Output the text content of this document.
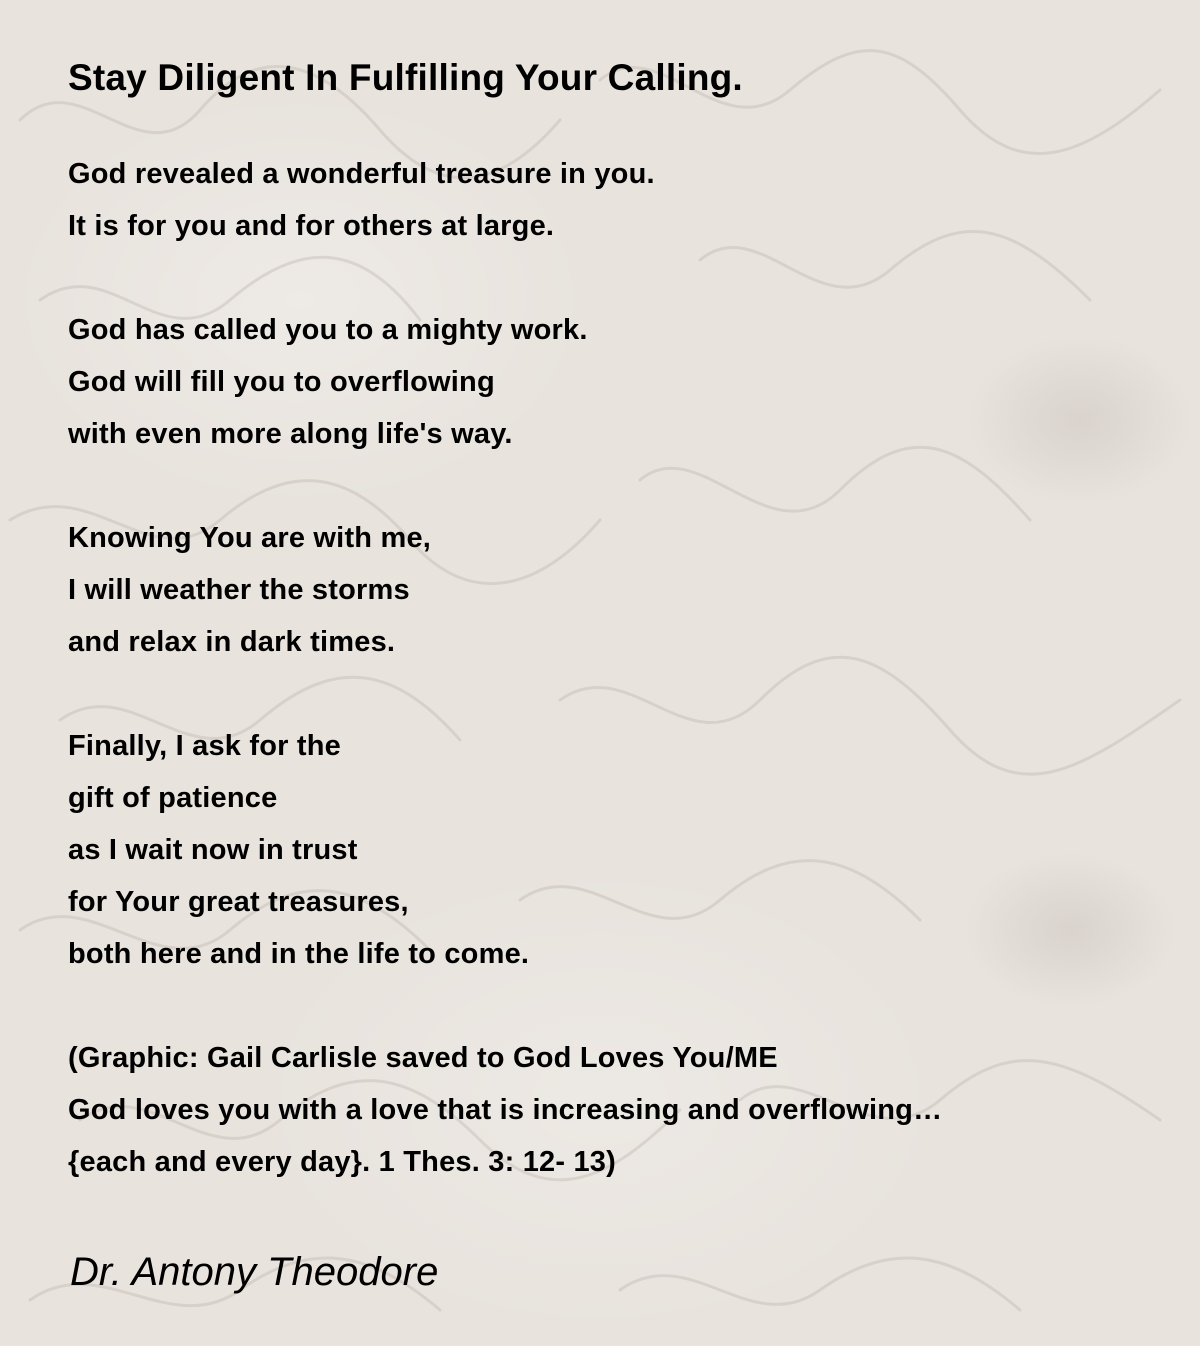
Stay Diligent In Fulfilling Your Calling.
God revealed a wonderful treasure in you.
It is for you and for others at large.
God has called you to a mighty work.
God will fill you to overflowing
with even more along life's way.
Knowing You are with me,
I will weather the storms
and relax in dark times.
Finally, I ask for the
gift of patience
as I wait now in trust
for Your great treasures,
both here and in the life to come.
(Graphic: Gail Carlisle saved to God Loves You/ME
God loves you with a love that is increasing and overflowing…
{each and every day}. 1 Thes. 3: 12- 13)
Dr. Antony Theodore
